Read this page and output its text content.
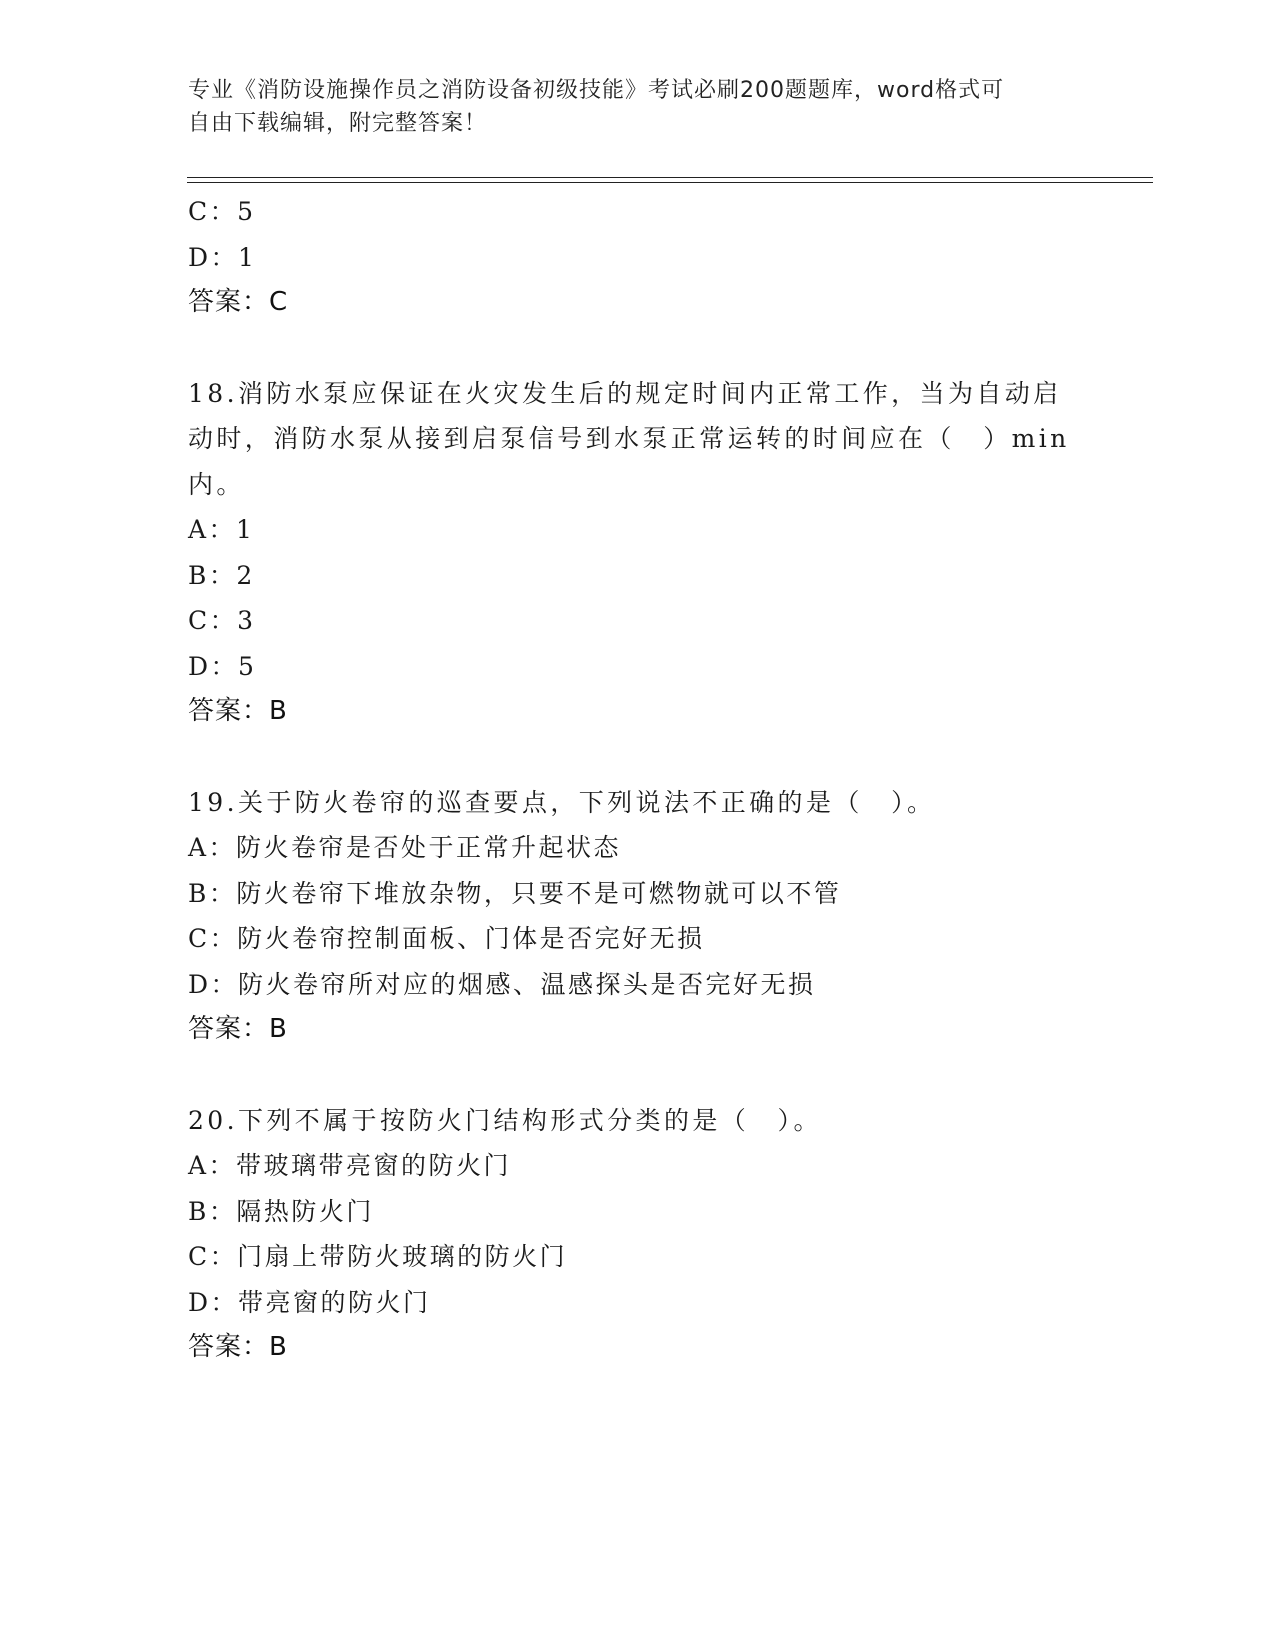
专业《消防设施操作员之消防设备初级技能》考试必刷200题题库，word格式可
自由下载编辑，附完整答案！
C：5
D：1
答案：C
18.消防水泵应保证在火灾发生后的规定时间内正常工作，当为自动启
动时，消防水泵从接到启泵信号到水泵正常运转的时间应在（　）min
内。
A：1
B：2
C：3
D：5
答案：B
19.关于防火卷帘的巡查要点，下列说法不正确的是（　）。
A：防火卷帘是否处于正常升起状态
B：防火卷帘下堆放杂物，只要不是可燃物就可以不管
C：防火卷帘控制面板、门体是否完好无损
D：防火卷帘所对应的烟感、温感探头是否完好无损
答案：B
20.下列不属于按防火门结构形式分类的是（　）。
A：带玻璃带亮窗的防火门
B：隔热防火门
C：门扇上带防火玻璃的防火门
D：带亮窗的防火门
答案：B
